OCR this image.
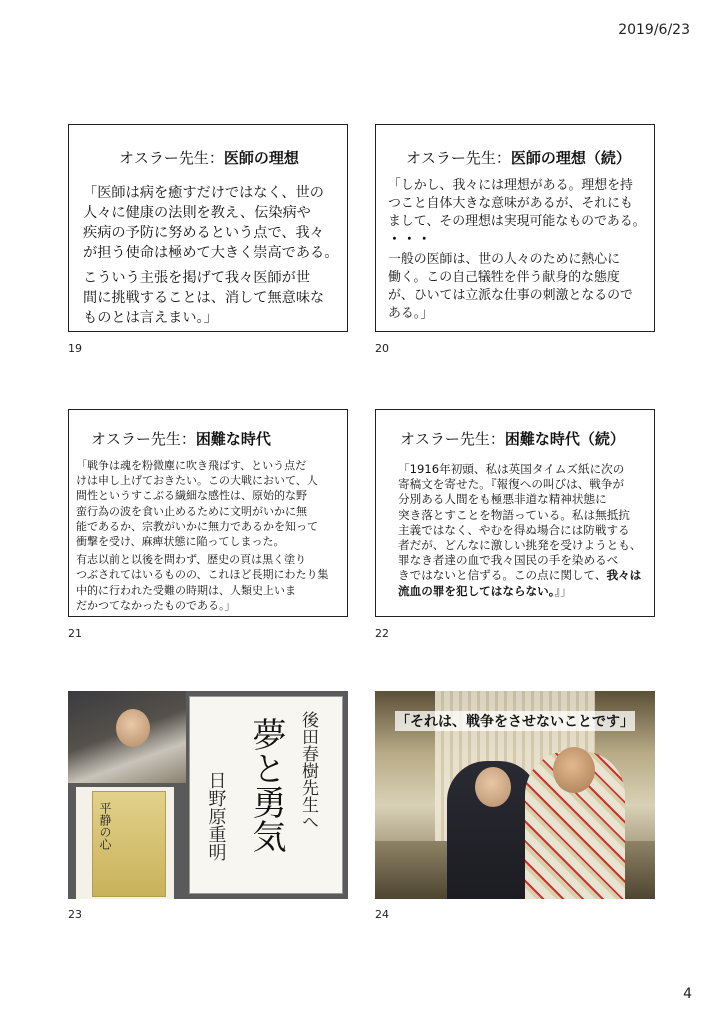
2019/6/23
オスラー先生：医師の理想

「医師は病を癒すだけではなく、世の

人々に健康の法則を教え、伝染病や

疾病の予防に努めるという点で、我々

が担う使命は極めて大きく崇高である。

こういう主張を掲げて我々医師が世

間に挑戦することは、消して無意味な

ものとは言えまい。」

19
オスラー先生：医師の理想（続）

「しかし、我々には理想がある。理想を持

つこと自体大きな意味があるが、それにも

まして、その理想は実現可能なものである。

・・・

一般の医師は、世の人々のために熱心に

働く。この自己犠牲を伴う献身的な態度

が、ひいては立派な仕事の刺激となるので

ある。」

20
オスラー先生：困難な時代

「戦争は魂を粉微塵に吹き飛ばす、という点だ

けは申し上げておきたい。この大戦において、人

間性というすこぶる繊細な感性は、原始的な野

蛮行為の波を食い止めるために文明がいかに無

能であるか、宗教がいかに無力であるかを知って

衝撃を受け、麻痺状態に陥ってしまった。

有志以前と以後を問わず、歴史の頁は黒く塗り

つぶされてはいるものの、これほど長期にわたり集

中的に行われた受難の時期は、人類史上いま

だかつてなかったものである。」

21
オスラー先生：困難な時代（続）

「1916年初頭、私は英国タイムズ紙に次の

寄稿文を寄せた。『報復への叫びは、戦争が

分別ある人間をも極悪非道な精神状態に

突き落とすことを物語っている。私は無抵抗

主義ではなく、やむを得ぬ場合には防戦する

者だが、どんなに激しい挑発を受けようとも、

罪なき者達の血で我々国民の手を染めるべ

きではないと信ずる。この点に関して、我々は

流血の罪を犯してはならない。』」

22
平静の心	後田春樹先生へ
夢と勇気
日野原重明
23
「それは、戦争をさせないことです」
24
4
